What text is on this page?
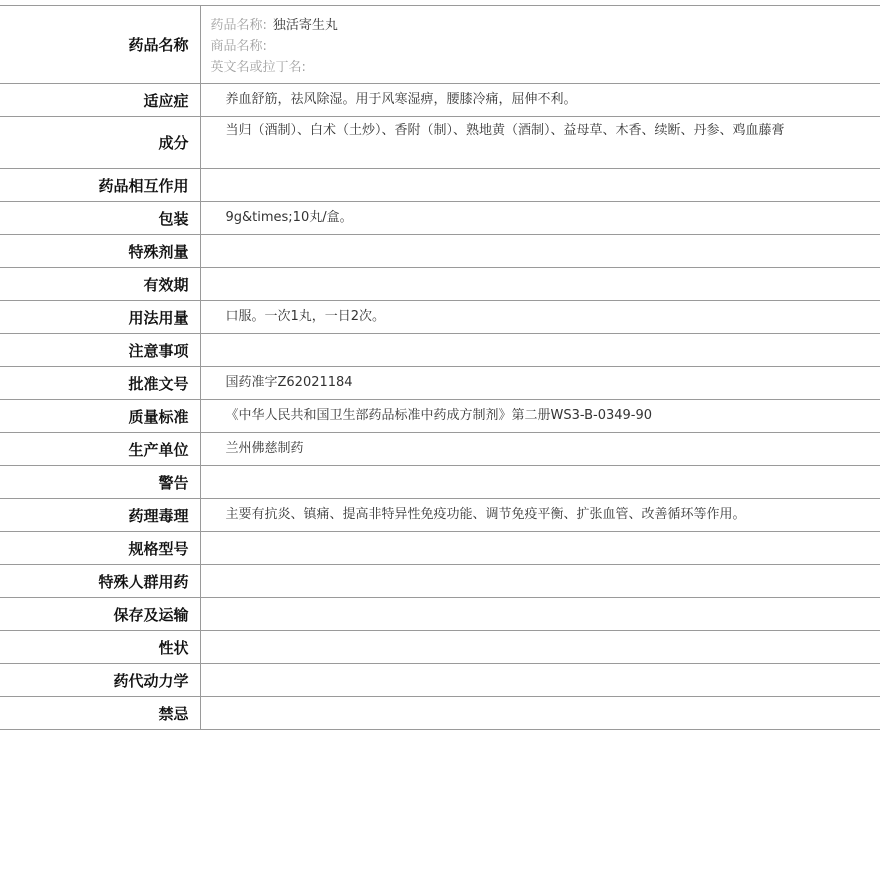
药品名称	药品名称: 独活寄生丸
商品名称:
英文名或拉丁名:

适应症	养血舒筋，祛风除湿。用于风寒湿痹，腰膝冷痛，屈伸不利。
成分	当归（酒制）、白术（土炒）、香附（制）、熟地黄（酒制）、益母草、木香、续断、丹参、鸡血藤膏
药品相互作用	
包装	9g&times;10丸/盒。
特殊剂量	
有效期	
用法用量	口服。一次1丸，一日2次。
注意事项	
批准文号	国药准字Z62021184
质量标准	《中华人民共和国卫生部药品标准中药成方制剂》第二册WS3-B-0349-90
生产单位	兰州佛慈制药
警告	
药理毒理	主要有抗炎、镇痛、提高非特异性免疫功能、调节免疫平衡、扩张血管、改善循环等作用。
规格型号	
特殊人群用药	
保存及运输	
性状	
药代动力学	
禁忌	
